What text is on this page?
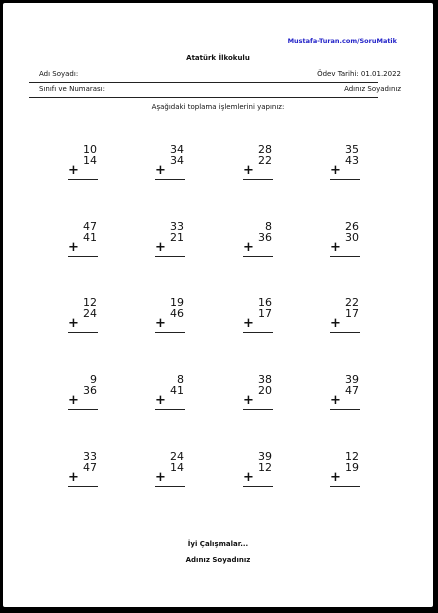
Mustafa-Turan.com/SoruMatik
Atatürk İlkokulu
Adı Soyadı:	Ödev Tarihi: 01.01.2022
Sınıfı ve Numarası:	Adınız Soyadınız
Aşağıdaki toplama işlemlerini yapınız:
10
14
+
34
34
+
28
22
+
35
43
+
47
41
+
33
21
+
8
36
+
26
30
+
12
24
+
19
46
+
16
17
+
22
17
+
9
36
+
8
41
+
38
20
+
39
47
+
33
47
+
24
14
+
39
12
+
12
19
+
İyi Çalışmalar...
Adınız Soyadınız
